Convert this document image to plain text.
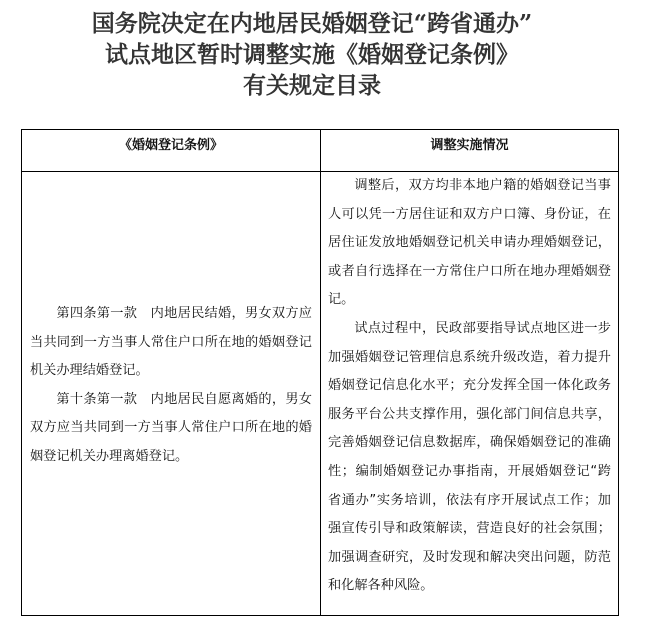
国务院决定在内地居民婚姻登记“跨省通办”
试点地区暂时调整实施《婚姻登记条例》
有关规定目录
《婚姻登记条例》	调整实施情况

第四条第一款　内地居民结婚，男女双方应当共同到一方当事人常住户口所在地的婚姻登记机关办理结婚登记。

第十条第一款　内地居民自愿离婚的，男女双方应当共同到一方当事人常住户口所在地的婚姻登记机关办理离婚登记。

调整后，双方均非本地户籍的婚姻登记当事人可以凭一方居住证和双方户口簿、身份证，在居住证发放地婚姻登记机关申请办理婚姻登记，或者自行选择在一方常住户口所在地办理婚姻登记。

试点过程中，民政部要指导试点地区进一步加强婚姻登记管理信息系统升级改造，着力提升婚姻登记信息化水平；充分发挥全国一体化政务服务平台公共支撑作用，强化部门间信息共享，完善婚姻登记信息数据库，确保婚姻登记的准确性；编制婚姻登记办事指南，开展婚姻登记“跨省通办”实务培训，依法有序开展试点工作；加强宣传引导和政策解读，营造良好的社会氛围；加强调查研究，及时发现和解决突出问题，防范和化解各种风险。
